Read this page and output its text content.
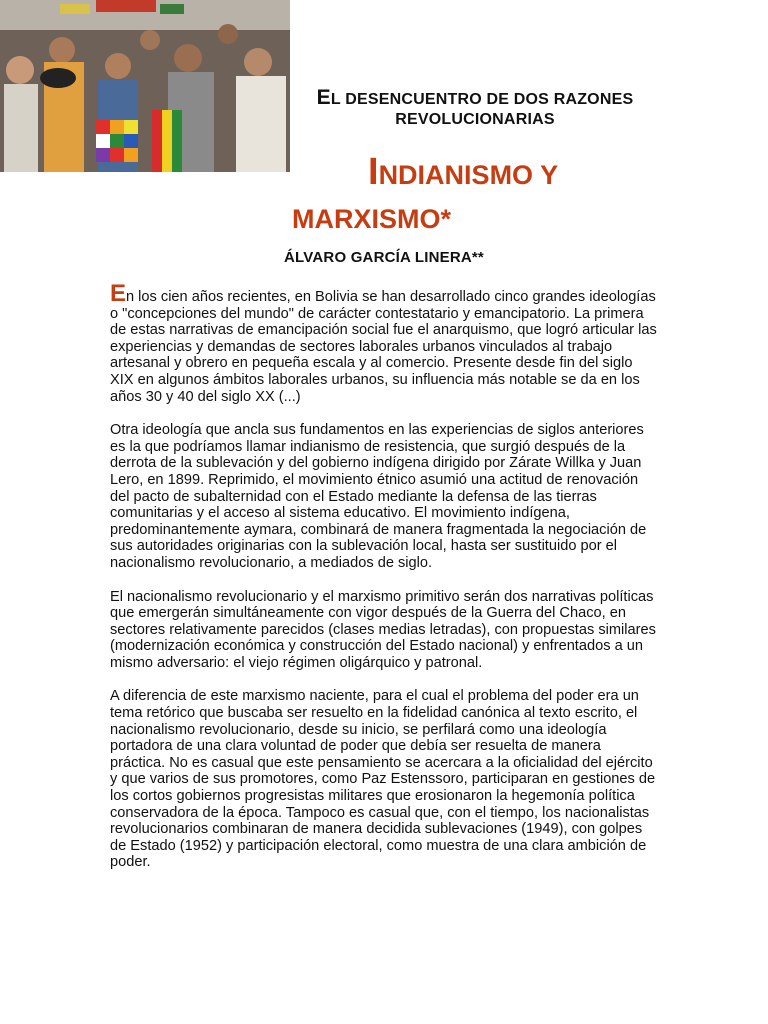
EL DESENCUENTRO DE DOS RAZONES
REVOLUCIONARIAS
INDIANISMO Y
MARXISMO*
ÁLVARO GARCÍA LINERA**

En los cien años recientes, en Bolivia se han desarrollado cinco grandes ideologías o "concepciones del mundo" de carácter contestatario y emancipatorio. La primera de estas narrativas de emancipación social fue el anarquismo, que logró articular las experiencias y demandas de sectores laborales urbanos vinculados al trabajo artesanal y obrero en pequeña escala y al comercio. Presente desde fin del siglo XIX en algunos ámbitos laborales urbanos, su influencia más notable se da en los años 30 y 40 del siglo XX (...)

Otra ideología que ancla sus fundamentos en las experiencias de siglos anteriores es la que podríamos llamar indianismo de resistencia, que surgió después de la derrota de la sublevación y del gobierno indígena dirigido por Zárate Willka y Juan Lero, en 1899. Reprimido, el movimiento étnico asumió una actitud de renovación del pacto de subalternidad con el Estado mediante la defensa de las tierras comunitarias y el acceso al sistema educativo. El movimiento indígena, predominantemente aymara, combinará de manera fragmentada la negociación de sus autoridades originarias con la sublevación local, hasta ser sustituido por el nacionalismo revolucionario, a mediados de siglo.

El nacionalismo revolucionario y el marxismo primitivo serán dos narrativas políticas que emergerán simultáneamente con vigor después de la Guerra del Chaco, en sectores relativamente parecidos (clases medias letradas), con propuestas similares (modernización económica y construcción del Estado nacional) y enfrentados a un mismo adversario: el viejo régimen oligárquico y patronal.

A diferencia de este marxismo naciente, para el cual el problema del poder era un tema retórico que buscaba ser resuelto en la fidelidad canónica al texto escrito, el nacionalismo revolucionario, desde su inicio, se perfilará como una ideología portadora de una clara voluntad de poder que debía ser resuelta de manera práctica. No es casual que este pensamiento se acercara a la oficialidad del ejército y que varios de sus promotores, como Paz Estenssoro, participaran en gestiones de los cortos gobiernos progresistas militares que erosionaron la hegemonía política conservadora de la época. Tampoco es casual que, con el tiempo, los nacionalistas revolucionarios combinaran de manera decidida sublevaciones (1949), con golpes de Estado (1952) y participación electoral, como muestra de una clara ambición de poder.
